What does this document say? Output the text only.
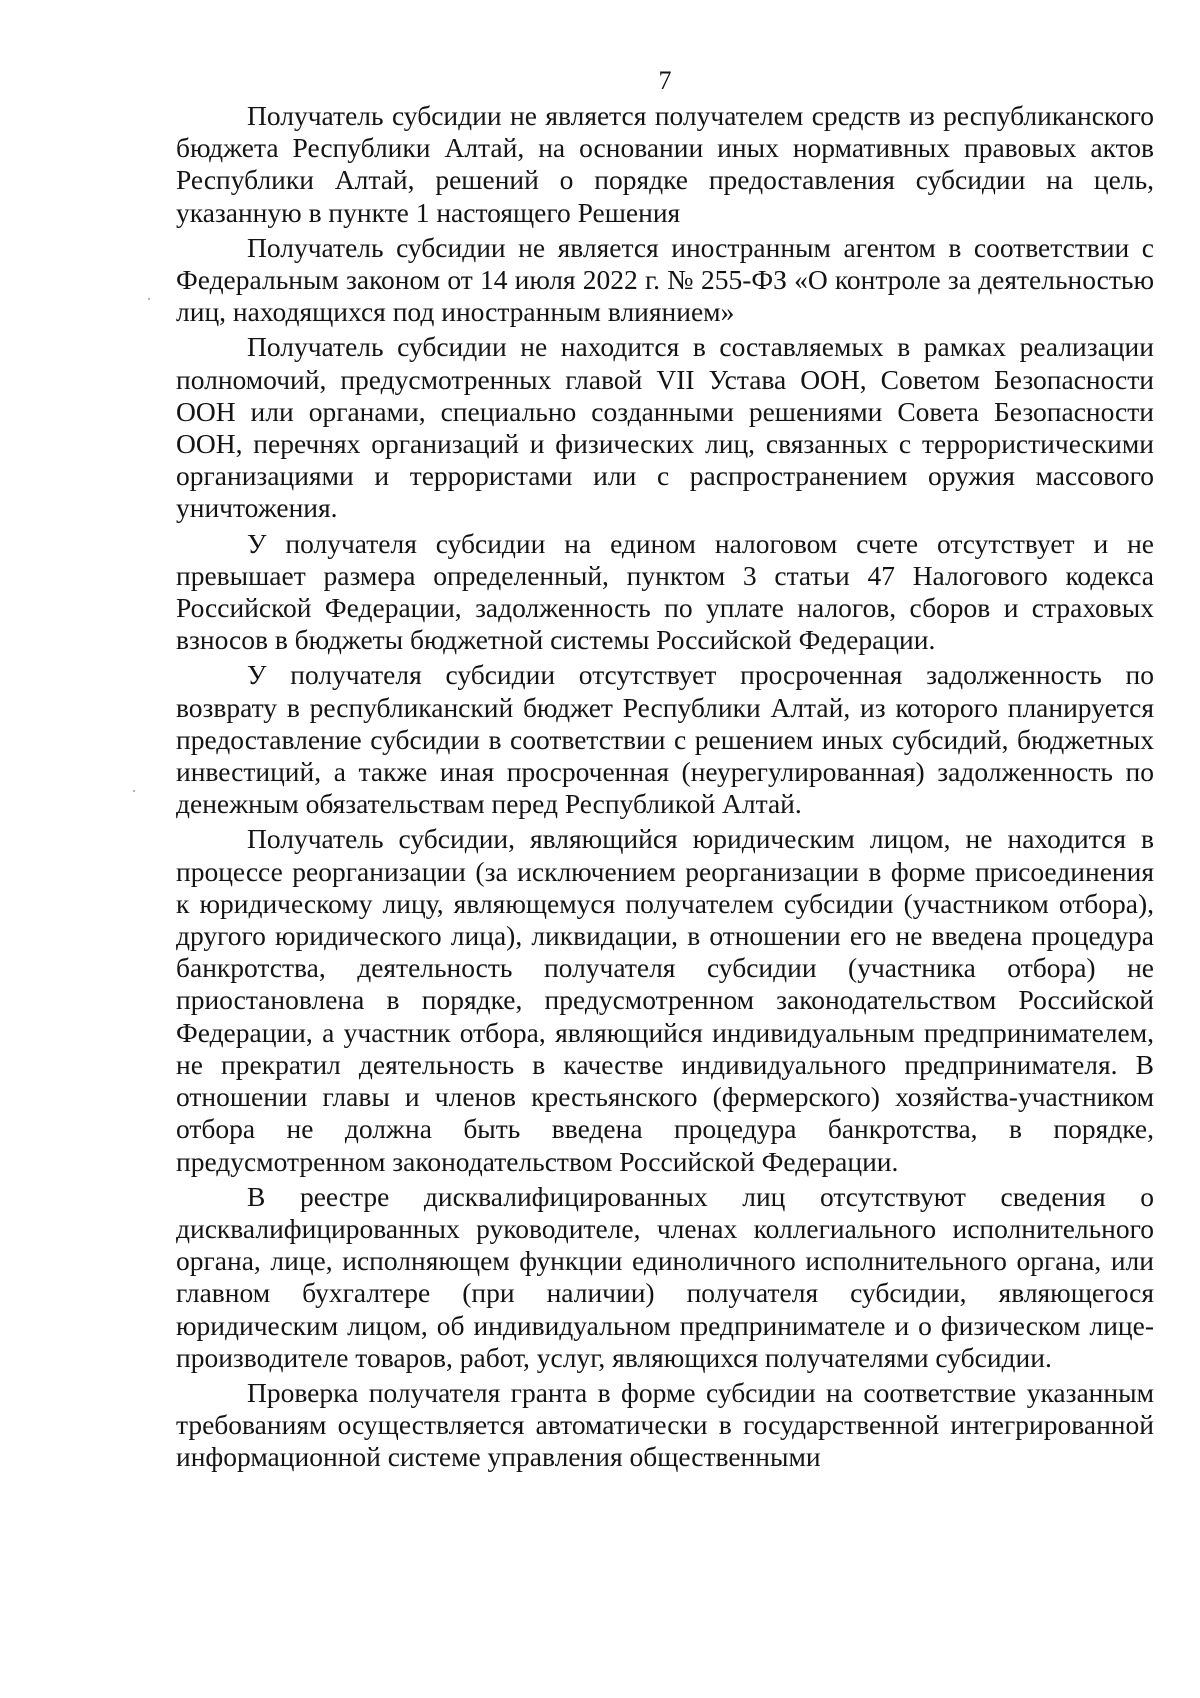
7

Получатель субсидии не является получателем средств из республиканского бюджета Республики Алтай, на основании иных нормативных правовых актов Республики Алтай, решений о порядке предоставления субсидии на цель, указанную в пункте 1 настоящего Решения

Получатель субсидии не является иностранным агентом в соответствии с Федеральным законом от 14 июля 2022 г. № 255-ФЗ «О контроле за деятельностью лиц, находящихся под иностранным влиянием»

Получатель субсидии не находится в составляемых в рамках реализации полномочий, предусмотренных главой VII Устава ООН, Советом Безопасности ООН или органами, специально созданными решениями Совета Безопасности ООН, перечнях организаций и физических лиц, связанных с террористическими организациями и террористами или с распространением оружия массового уничтожения.

У получателя субсидии на едином налоговом счете отсутствует и не превышает размера определенный, пунктом 3 статьи 47 Налогового кодекса Российской Федерации, задолженность по уплате налогов, сборов и страховых взносов в бюджеты бюджетной системы Российской Федерации.

У получателя субсидии отсутствует просроченная задолженность по возврату в республиканский бюджет Республики Алтай, из которого планируется предоставление субсидии в соответствии с решением иных субсидий, бюджетных инвестиций, а также иная просроченная (неурегулированная) задолженность по денежным обязательствам перед Республикой Алтай.

Получатель субсидии, являющийся юридическим лицом, не находится в процессе реорганизации (за исключением реорганизации в форме присоединения к юридическому лицу, являющемуся получателем субсидии (участником отбора), другого юридического лица), ликвидации, в отношении его не введена процедура банкротства, деятельность получателя субсидии (участника отбора) не приостановлена в порядке, предусмотренном законодательством Российской Федерации, а участник отбора, являющийся индивидуальным предпринимателем, не прекратил деятельность в качестве индивидуального предпринимателя. В отношении главы и членов крестьянского (фермерского) хозяйства-участником отбора не должна быть введена процедура банкротства, в порядке, предусмотренном законодательством Российской Федерации.

В реестре дисквалифицированных лиц отсутствуют сведения о дисквалифицированных руководителе, членах коллегиального исполнительного органа, лице, исполняющем функции единоличного исполнительного органа, или главном бухгалтере (при наличии) получателя субсидии, являющегося юридическим лицом, об индивидуальном предпринимателе и о физическом лице-производителе товаров, работ, услуг, являющихся получателями субсидии.

Проверка получателя гранта в форме субсидии на соответствие указанным требованиям осуществляется автоматически в государственной интегрированной информационной системе управления общественными
